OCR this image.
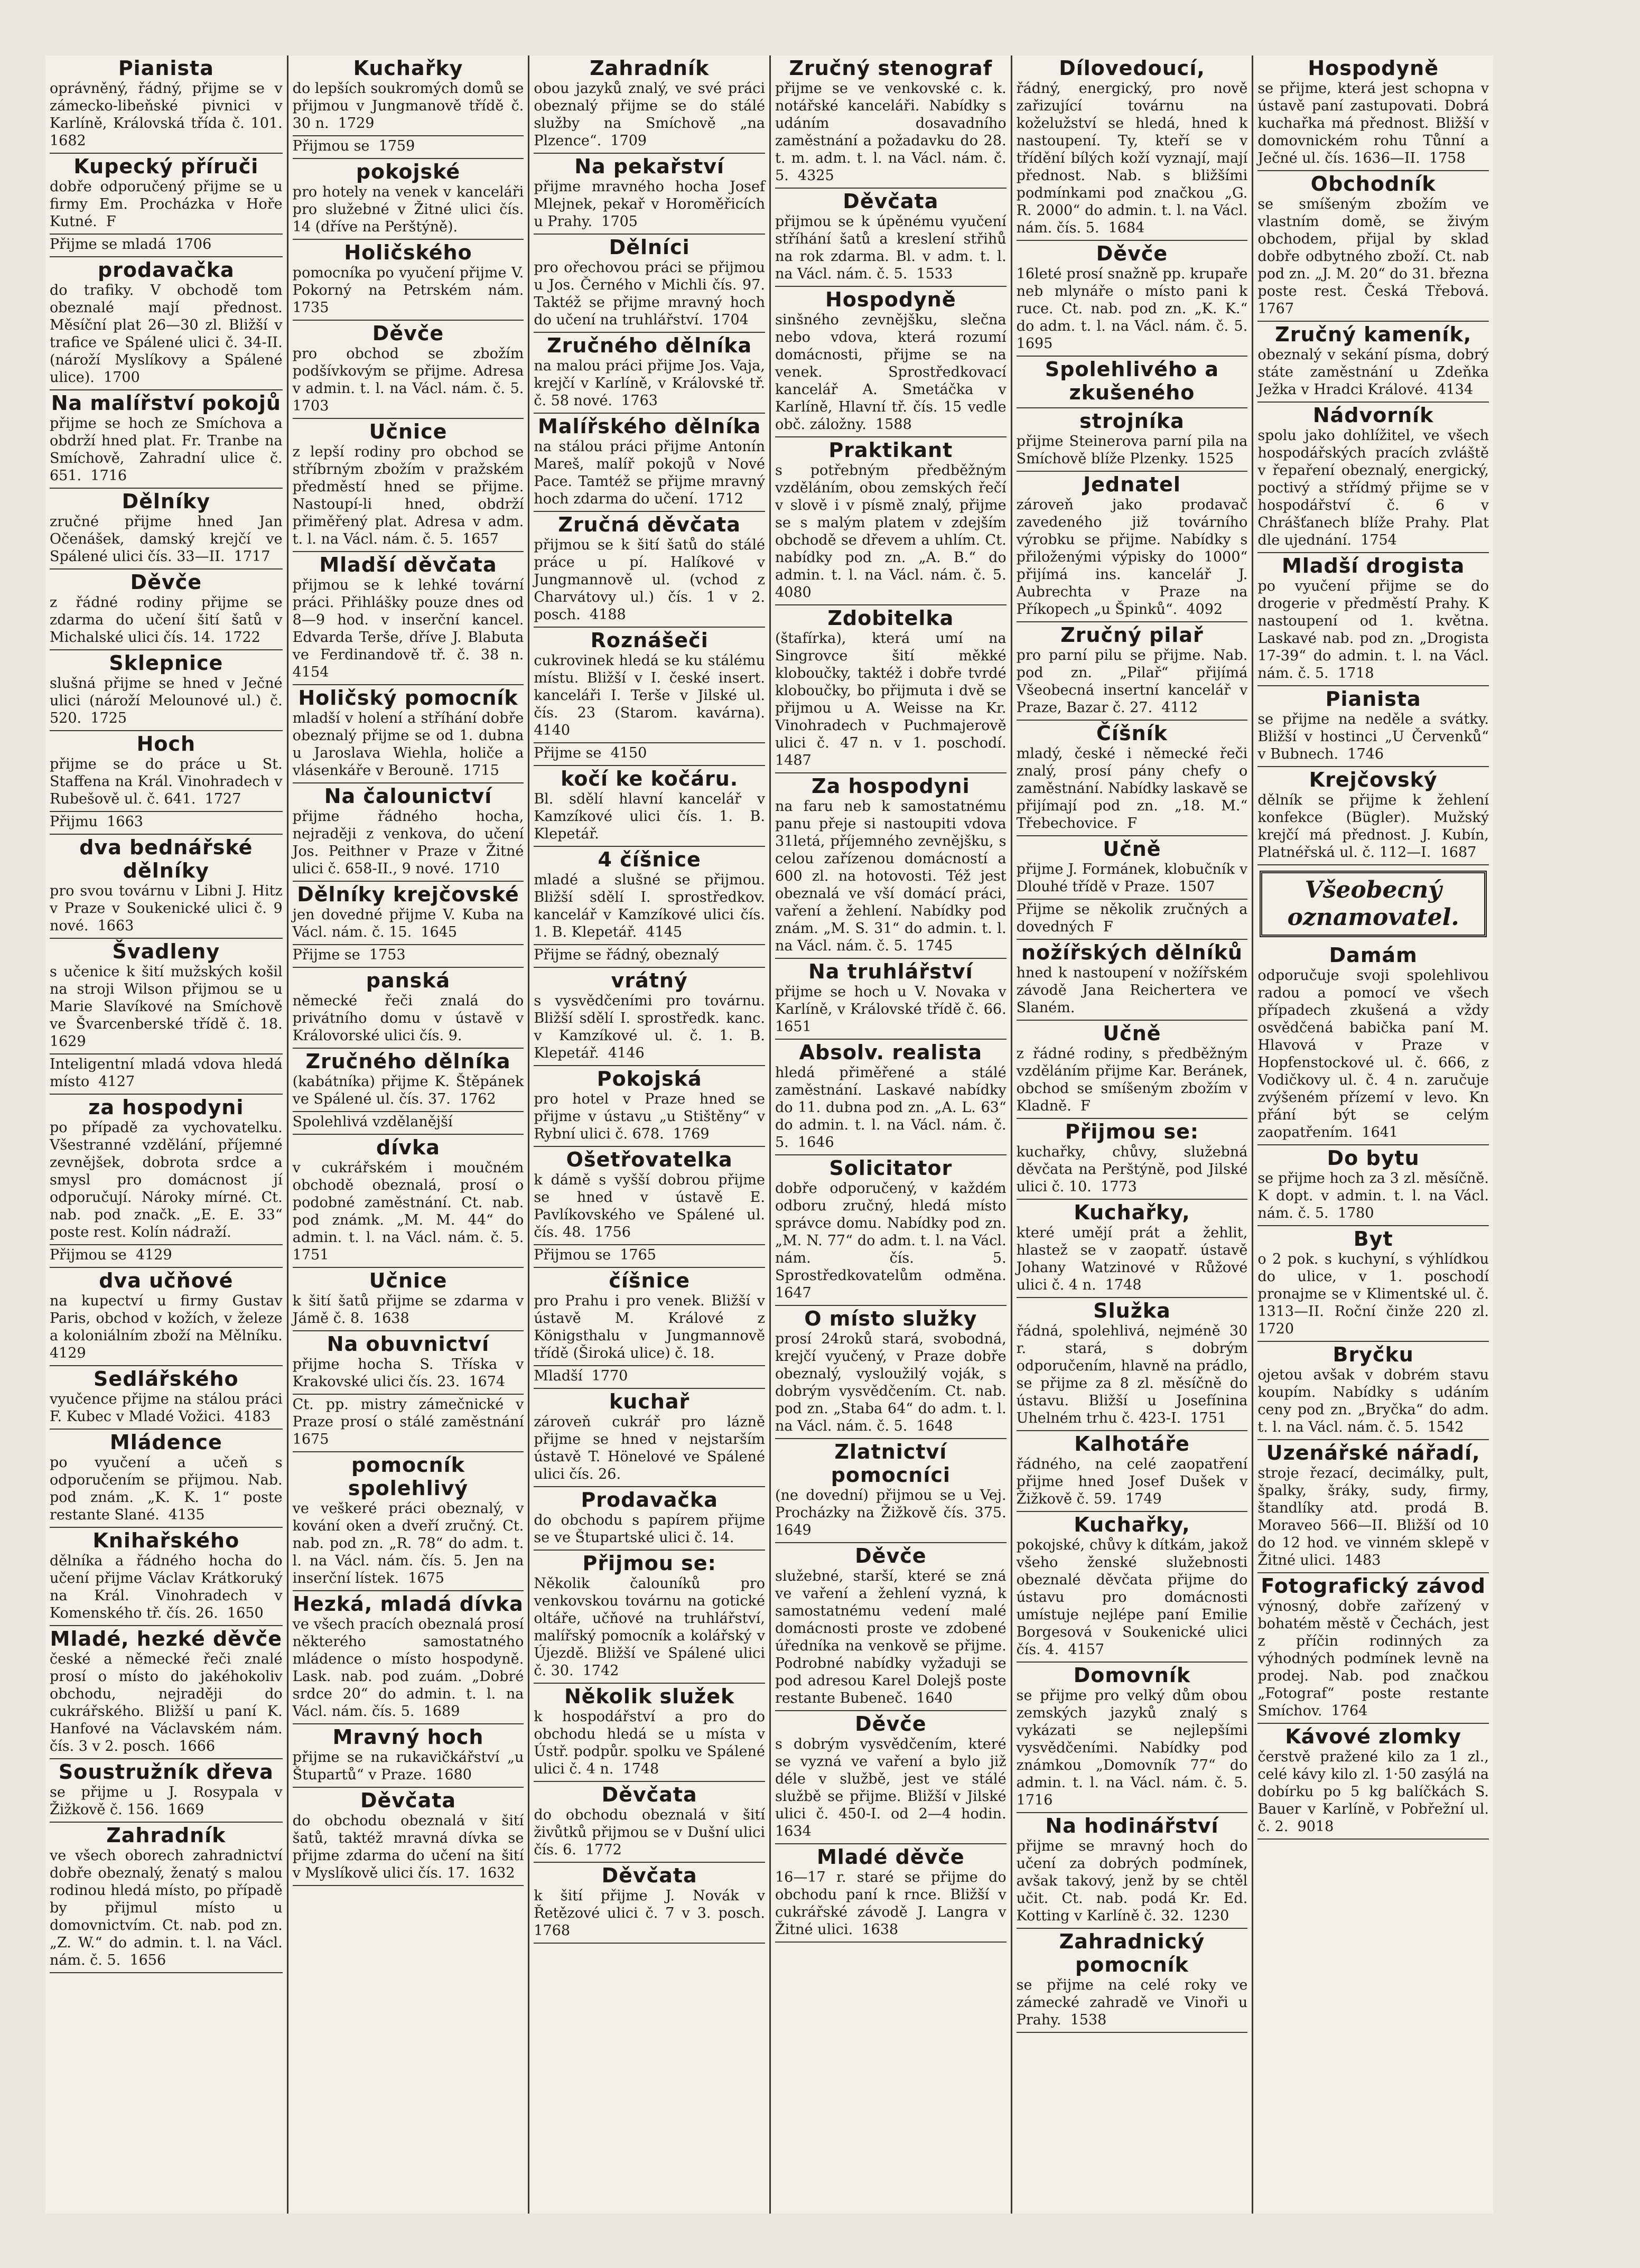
Pianista
oprávněný, řádný, přijme se v zámecko-libeňské pivnici v Karlíně, Královská třída č. 101.  1682
Kupecký příruči
dobře odporučený přijme se u firmy Em. Procházka v Hoře Kutné.  F
Přijme se mladá  1706
prodavačka
do trafiky. V obchodě tom obeznalé mají přednost. Měsíční plat 26—30 zl. Bližší v trafice ve Spálené ulici č. 34-II. (nároží Myslíkovy a Spálené ulice).  1700
Na malířství pokojů
přijme se hoch ze Smíchova a obdrží hned plat. Fr. Tranbe na Smíchově, Zahradní ulice č. 651.  1716
Dělníky
zručné přijme hned Jan Očenášek, damský krejčí ve Spálené ulici čís. 33—II.  1717
Děvče
z řádné rodiny přijme se zdarma do učení šití šatů v Michalské ulici čís. 14.  1722
Sklepnice
slušná přijme se hned v Ječné ulici (nároží Melounové ul.) č. 520.  1725
Hoch
přijme se do práce u St. Staffena na Král. Vinohradech v Rubešově ul. č. 641.  1727
Přijmu  1663
dva bednářské dělníky
pro svou továrnu v Libni J. Hitz v Praze v Soukenické ulici č. 9 nové.  1663
Švadleny
s učenice k šití mužských košil na stroji Wilson přijmou se u Marie Slavíkové na Smíchově ve Švarcenberské třídě č. 18.  1629
Inteligentní mladá vdova hledá místo  4127
za hospodyni
po případě za vychovatelku. Všestranné vzdělání, příjemné zevnějšek, dobrota srdce a smysl pro domácnost jí odporučují. Nároky mírné. Ct. nab. pod značk. „E. E. 33“ poste rest. Kolín nádraží.
Přijmou se  4129
dva učňové
na kupectví u firmy Gustav Paris, obchod v kožích, v železe a koloniálním zboží na Mělníku.  4129
Sedlářského
vyučence přijme na stálou práci F. Kubec v Mladé Vožici.  4183
Mládence
po vyučení a učeň s odporučením se přijmou. Nab. pod znám. „K. K. 1“ poste restante Slané.  4135
Knihařského
dělníka a řádného hocha do učení přijme Václav Krátkoruký na Král. Vinohradech v Komenského tř. čís. 26.  1650
Mladé, hezké děvče
české a německé řeči znalé prosí o místo do jakéhokoliv obchodu, nejraději do cukrářského. Bližší u paní K. Hanfové na Václavském nám. čís. 3 v 2. posch.  1666
Soustružník dřeva
se přijme u J. Rosypala v Žižkově č. 156.  1669
Zahradník
ve všech oborech zahradnictví dobře obeznalý, ženatý s malou rodinou hledá místo, po případě by přijmul místo u domovnictvím. Ct. nab. pod zn. „Z. W.“ do admin. t. l. na Václ. nám. č. 5.  1656
Kuchařky
do lepších soukromých domů se přijmou v Jungmanově třídě č. 30 n.  1729
Přijmou se  1759
pokojské
pro hotely na venek v kanceláři pro služebné v Žitné ulici čís. 14 (dříve na Perštýně).
Holičského
pomocníka po vyučení přijme V. Pokorný na Petrském nám.  1735
Děvče
pro obchod se zbožím podšívkovým se přijme. Adresa v admin. t. l. na Václ. nám. č. 5.  1703
Učnice
z lepší rodiny pro obchod se stříbrným zbožím v pražském předměstí hned se přijme. Nastoupí-li hned, obdrží přiměřený plat. Adresa v adm. t. l. na Václ. nám. č. 5.  1657
Mladší děvčata
přijmou se k lehké tovární práci. Přihlášky pouze dnes od 8—9 hod. v inserční kancel. Edvarda Terše, dříve J. Blabuta ve Ferdinandově tř. č. 38 n.  4154
Holičský pomocník
mladší v holení a stříhání dobře obeznalý přijme se od 1. dubna u Jaroslava Wiehla, holiče a vlásenkáře v Berouně.  1715
Na čalounictví
přijme řádného hocha, nejraději z venkova, do učení Jos. Peithner v Praze v Žitné ulici č. 658-II., 9 nové.  1710
Dělníky krejčovské
jen dovedné přijme V. Kuba na Václ. nám. č. 15.  1645
Přijme se  1753
panská
německé řeči znalá do privátního domu v ústavě v Královorské ulici čís. 9.
Zručného dělníka
(kabátníka) přijme K. Štěpánek ve Spálené ul. čís. 37.  1762
Spolehlivá vzdělanější
dívka
v cukrářském i moučném obchodě obeznalá, prosí o podobné zaměstnání. Ct. nab. pod známk. „M. M. 44“ do admin. t. l. na Václ. nám. č. 5.  1751
Učnice
k šití šatů přijme se zdarma v Jámě č. 8.  1638
Na obuvnictví
přijme hocha S. Tříska v Krakovské ulici čís. 23.  1674
Ct. pp. mistry zámečnické v Praze prosí o stálé zaměstnání  1675
pomocník spolehlivý
ve veškeré práci obeznalý, v kování oken a dveří zručný. Ct. nab. pod zn. „R. 78“ do adm. t. l. na Václ. nám. čís. 5. Jen na inserční lístek.  1675
Hezká, mladá dívka
ve všech pracích obeznalá prosí některého samostatného mládence o místo hospodyně. Lask. nab. pod zuám. „Dobré srdce 20“ do admin. t. l. na Václ. nám. čís. 5.  1689
Mravný hoch
přijme se na rukavičkářství „u Štupartů“ v Praze.  1680
Děvčata
do obchodu obeznalá v šití šatů, taktéž mravná dívka se přijme zdarma do učení na šití v Myslíkově ulici čís. 17.  1632
Zahradník
obou jazyků znalý, ve své práci obeznalý přijme se do stálé služby na Smíchově „na Plzence“.  1709
Na pekařství
přijme mravného hocha Josef Mlejnek, pekař v Horoměřicích u Prahy.  1705
Dělníci
pro ořechovou práci se přijmou u Jos. Černého v Michli čís. 97. Taktéž se přijme mravný hoch do učení na truhlářství.  1704
Zručného dělníka
na malou práci přijme Jos. Vaja, krejčí v Karlíně, v Královské tř. č. 58 nové.  1763
Malířského dělníka
na stálou práci přijme Antonín Mareš, malíř pokojů v Nové Pace. Tamtéž se přijme mravný hoch zdarma do učení.  1712
Zručná děvčata
přijmou se k šití šatů do stálé práce u pí. Halíkové v Jungmannově ul. (vchod z Charvátovy ul.) čís. 1 v 2. posch.  4188
Roznášeči
cukrovinek hledá se ku stálému místu. Bližší v I. české insert. kanceláři I. Terše v Jilské ul. čís. 23 (Starom. kavárna).  4140
Přijme se  4150
kočí ke kočáru.
Bl. sdělí hlavní kancelář v Kamzíkové ulici čís. 1. B. Klepetář.
4 číšnice
mladé a slušné se přijmou. Bližší sdělí I. sprostředkov. kancelář v Kamzíkové ulici čís. 1. B. Klepetář.  4145
Přijme se řádný, obeznalý
vrátný
s vysvědčeními pro továrnu. Bližší sdělí I. sprostředk. kanc. v Kamzíkové ul. č. 1. B. Klepetář.  4146
Pokojská
pro hotel v Praze hned se přijme v ústavu „u Stištěny“ v Rybní ulici č. 678.  1769
Ošetřovatelka
k dámě s vyšší dobrou přijme se hned v ústavě E. Pavlíkovského ve Spálené ul. čís. 48.  1756
Přijmou se  1765
číšnice
pro Prahu i pro venek. Bližší v ústavě M. Králové z Königsthalu v Jungmannově třídě (Široká ulice) č. 18.
Mladší  1770
kuchař
zároveň cukrář pro lázně přijme se hned v nejstarším ústavě T. Hönelové ve Spálené ulici čís. 26.
Prodavačka
do obchodu s papírem přijme se ve Štupartské ulici č. 14.
Přijmou se:
Několik čalouníků pro venkovskou továrnu na gotické oltáře, učňové na truhlářství, malířský pomocník a kolářský v Újezdě. Bližší ve Spálené ulici č. 30.  1742
Několik služek
k hospodářství a pro do obchodu hledá se u místa v Ústř. podpůr. spolku ve Spálené ulici č. 4 n.  1748
Děvčata
do obchodu obeznalá v šití živůtků přijmou se v Dušní ulici čís. 6.  1772
Děvčata
k šití přijme J. Novák v Řetězové ulici č. 7 v 3. posch.  1768
Zručný stenograf
přijme se ve venkovské c. k. notářské kanceláři. Nabídky s udáním dosavadního zaměstnání a požadavku do 28. t. m. adm. t. l. na Václ. nám. č. 5.  4325
Děvčata
přijmou se k úpěnému vyučení stříhání šatů a kreslení střihů na rok zdarma. Bl. v adm. t. l. na Václ. nám. č. 5.  1533
Hospodyně
sinšného zevnějšku, slečna nebo vdova, která rozumí domácnosti, přijme se na venek. Sprostředkovací kancelář A. Smetáčka v Karlíně, Hlavní tř. čís. 15 vedle obč. záložny.  1588
Praktikant
s potřebným předběžným vzděláním, obou zemských řečí v slově i v písmě znalý, přijme se s malým platem v zdejším obchodě se dřevem a uhlím. Ct. nabídky pod zn. „A. B.“ do admin. t. l. na Václ. nám. č. 5.  4080
Zdobitelka
(štafírka), která umí na Singrovce šití měkké kloboučky, taktéž i dobře tvrdé kloboučky, bo přijmuta i dvě se přijmou u A. Weisse na Kr. Vinohradech v Puchmajerově ulici č. 47 n. v 1. poschodí.  1487
Za hospodyni
na faru neb k samostatnému panu přeje si nastoupiti vdova 31letá, příjemného zevnějšku, s celou zařízenou domácností a 600 zl. na hotovosti. Též jest obeznalá ve vší domácí práci, vaření a žehlení. Nabídky pod znám. „M. S. 31“ do admin. t. l. na Václ. nám. č. 5.  1745
Na truhlářství
přijme se hoch u V. Novaka v Karlíně, v Královské třídě č. 66.  1651
Absolv. realista
hledá přiměřené a stálé zaměstnání. Laskavé nabídky do 11. dubna pod zn. „A. L. 63“ do admin. t. l. na Václ. nám. č. 5.  1646
Solicitator
dobře odporučený, v každém odboru zručný, hledá místo správce domu. Nabídky pod zn. „M. N. 77“ do adm. t. l. na Václ. nám. čís. 5. Sprostředkovatelům odměna.  1647
O místo služky
prosí 24roků stará, svobodná, krejčí vyučený, v Praze dobře obeznalý, vysloužilý voják, s dobrým vysvědčením. Ct. nab. pod zn. „Staba 64“ do adm. t. l. na Václ. nám. č. 5.  1648
Zlatnictví pomocníci
(ne dovední) přijmou se u Vej. Procházky na Žižkově čís. 375.  1649
Děvče
služebné, starší, které se zná ve vaření a žehlení vyzná, k samostatnému vedení malé domácnosti proste ve zdobené úředníka na venkově se přijme. Podrobné nabídky vyžaduji se pod adresou Karel Dolejš poste restante Bubeneč.  1640
Děvče
s dobrým vysvědčením, které se vyzná ve vaření a bylo již déle v službě, jest ve stálé službě se přijme. Bližší v Jilské ulici č. 450-I. od 2—4 hodin.  1634
Mladé děvče
16—17 r. staré se přijme do obchodu paní k rnce. Bližší v cukrářské závodě J. Langra v Žitné ulici.  1638
Dílovedoucí,
řádný, energický, pro nově zařizující továrnu na koželužství se hledá, hned k nastoupení. Ty, kteří se v třídění bílých koží vyznají, mají přednost. Nab. s bližšími podmínkami pod značkou „G. R. 2000“ do admin. t. l. na Václ. nám. čís. 5.  1684
Děvče
16leté prosí snažně pp. krupaře neb mlynáře o místo pani k ruce. Ct. nab. pod zn. „K. K.“ do adm. t. l. na Václ. nám. č. 5.  1695
Spolehlivého a zkušeného
strojníka
přijme Steinerova parní pila na Smíchově blíže Plzenky.  1525
Jednatel
zároveň jako prodavač zavedeného již továrního výrobku se přijme. Nabídky s přiloženými výpisky do 1000“ přijímá ins. kancelář J. Aubrechta v Praze na Příkopech „u Špinků“.  4092
Zručný pilař
pro parní pilu se přijme. Nab. pod zn. „Pilař“ přijímá Všeobecná insertní kancelář v Praze, Bazar č. 27.  4112
Číšník
mladý, české i německé řeči znalý, prosí pány chefy o zaměstnání. Nabídky laskavě se přijímají pod zn. „18. M.“ Třebechovice.  F
Učně
přijme J. Formánek, klobučník v Dlouhé třídě v Praze.  1507
Přijme se několik zručných a dovedných  F
nožířských dělníků
hned k nastoupení v nožířském závodě Jana Reichertera ve Slaném.
Učně
z řádné rodiny, s předběžným vzděláním přijme Kar. Beránek, obchod se smíšeným zbožím v Kladně.  F
Přijmou se:
kuchařky, chůvy, služebná děvčata na Perštýně, pod Jilské ulici č. 10.  1773
Kuchařky,
které umějí prát a žehlit, hlastež se v zaopatř. ústavě Johany Watzinové v Růžové ulici č. 4 n.  1748
Služka
řádná, spolehlivá, nejméně 30 r. stará, s dobrým odporučením, hlavně na prádlo, se přijme za 8 zl. měsíčně do ústavu. Bližší u Josefínina Uhelném trhu č. 423-I.  1751
Kalhotáře
řádného, na celé zaopatření přijme hned Josef Dušek v Žižkově č. 59.  1749
Kuchařky,
pokojské, chůvy k dítkám, jakož všeho ženské služebnosti obeznalé děvčata přijme do ústavu pro domácnosti umístuje nejlépe paní Emilie Borgesová v Soukenické ulici čís. 4.  4157
Domovník
se přijme pro velký dům obou zemských jazyků znalý s vykázati se nejlepšími vysvědčeními. Nabídky pod známkou „Domovník 77“ do admin. t. l. na Václ. nám. č. 5.  1716
Na hodinářství
přijme se mravný hoch do učení za dobrých podmínek, avšak takový, jenž by se chtěl učit. Ct. nab. podá Kr. Ed. Kotting v Karlíně č. 32.  1230
Zahradnický pomocník
se přijme na celé roky ve zámecké zahradě ve Vinoři u Prahy.  1538
Hospodyně
se přijme, která jest schopna v ústavě paní zastupovati. Dobrá kuchařka má přednost. Bližší v domovnickém rohu Tůnní a Ječné ul. čís. 1636—II.  1758
Obchodník
se smíšeným zbožím ve vlastním domě, se živým obchodem, přijal by sklad dobře odbytného zboží. Ct. nab pod zn. „J. M. 20“ do 31. března poste rest. Česká Třebová.  1767
Zručný kameník,
obeznalý v sekání písma, dobrý státe zaměstnání u Zdeňka Ježka v Hradci Králové.  4134
Nádvorník
spolu jako dohlížitel, ve všech hospodářských pracích zvláště v řepaření obeznalý, energický, poctivý a střídmý přijme se v hospodářství č. 6 v Chrášťanech blíže Prahy. Plat dle ujednání.  1754
Mladší drogista
po vyučení přijme se do drogerie v předměstí Prahy. K nastoupení od 1. května. Laskavé nab. pod zn. „Drogista 17-39“ do admin. t. l. na Václ. nám. č. 5.  1718
Pianista
se přijme na neděle a svátky. Bližší v hostinci „U Červenků“ v Bubnech.  1746
Krejčovský
dělník se přijme k žehlení konfekce (Bügler). Mužský krejčí má přednost. J. Kubín, Platnéřská ul. č. 112—I.  1687
Všeobecný
oznamovatel.
Damám
odporučuje svoji spolehlivou radou a pomocí ve všech případech zkušená a vždy osvědčená babička paní M. Hlavová v Praze v Hopfenstockové ul. č. 666, z Vodičkovy ul. č. 4 n. zaručuje zvýšeném přízemí v levo. Kn přání být se celým zaopatřením.  1641
Do bytu
se přijme hoch za 3 zl. měsíčně. K dopt. v admin. t. l. na Václ. nám. č. 5.  1780
Byt
o 2 pok. s kuchyní, s výhlídkou do ulice, v 1. poschodí pronajme se v Klimentské ul. č. 1313—II. Roční činže 220 zl.  1720
Bryčku
ojetou avšak v dobrém stavu koupím. Nabídky s udáním ceny pod zn. „Bryčka“ do adm. t. l. na Václ. nám. č. 5.  1542
Uzenářské nářadí,
stroje řezací, decimálky, pult, špalky, šráky, sudy, firmy, štandlíky atd. prodá B. Moraveo 566—II. Bližší od 10 do 12 hod. ve vinném sklepě v Žitné ulici.  1483
Fotografický závod
výnosný, dobře zařízený v bohatém městě v Čechách, jest z příčin rodinných za výhodných podmínek levně na prodej. Nab. pod značkou „Fotograf“ poste restante Smíchov.  1764
Kávové zlomky
čerstvě pražené kilo za 1 zl., celé kávy kilo zl. 1·50 zasýlá na dobírku po 5 kg balíčkách S. Bauer v Karlíně, v Pobřežní ul. č. 2.  9018
